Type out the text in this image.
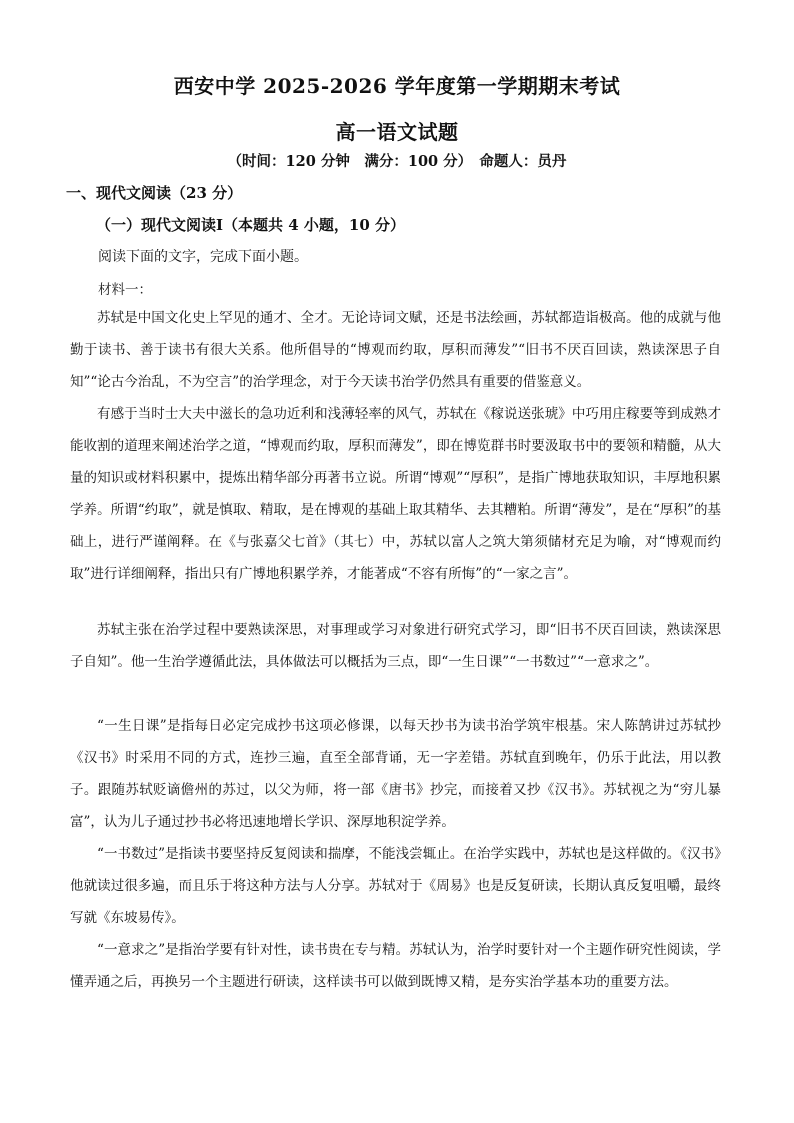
西安中学 2025-2026 学年度第一学期期末考试
高一语文试题
（时间：120 分钟　满分：100 分）　命题人：员丹
一、现代文阅读（23 分）
（一）现代文阅读Ⅰ（本题共 4 小题，10 分）
阅读下面的文字，完成下面小题。
材料一：

苏轼是中国文化史上罕见的通才、全才。无论诗词文赋，还是书法绘画，苏轼都造诣极高。他的成就与他勤于读书、善于读书有很大关系。他所倡导的“博观而约取，厚积而薄发”“旧书不厌百回读，熟读深思子自知”“论古今治乱，不为空言”的治学理念，对于今天读书治学仍然具有重要的借鉴意义。

有感于当时士大夫中滋长的急功近利和浅薄轻率的风气，苏轼在《稼说送张琥》中巧用庄稼要等到成熟才能收割的道理来阐述治学之道，“博观而约取，厚积而薄发”，即在博览群书时要汲取书中的要领和精髓，从大量的知识或材料积累中，提炼出精华部分再著书立说。所谓“博观”“厚积”，是指广博地获取知识，丰厚地积累学养。所谓“约取”，就是慎取、精取，是在博观的基础上取其精华、去其糟粕。所谓“薄发”，是在“厚积”的基础上，进行严谨阐释。在《与张嘉父七首》（其七）中，苏轼以富人之筑大第须储材充足为喻，对“博观而约取”进行详细阐释，指出只有广博地积累学养，才能著成“不容有所悔”的“一家之言”。

苏轼主张在治学过程中要熟读深思，对事理或学习对象进行研究式学习，即“旧书不厌百回读，熟读深思子自知”。他一生治学遵循此法，具体做法可以概括为三点，即“一生日课”“一书数过”“一意求之”。

“一生日课”是指每日必定完成抄书这项必修课，以每天抄书为读书治学筑牢根基。宋人陈鹄讲过苏轼抄《汉书》时采用不同的方式，连抄三遍，直至全部背诵，无一字差错。苏轼直到晚年，仍乐于此法，用以教子。跟随苏轼贬谪儋州的苏过，以父为师，将一部《唐书》抄完，而接着又抄《汉书》。苏轼视之为“穷儿暴富”，认为儿子通过抄书必将迅速地增长学识、深厚地积淀学养。

“一书数过”是指读书要坚持反复阅读和揣摩，不能浅尝辄止。在治学实践中，苏轼也是这样做的。《汉书》他就读过很多遍，而且乐于将这种方法与人分享。苏轼对于《周易》也是反复研读，长期认真反复咀嚼，最终写就《东坡易传》。

“一意求之”是指治学要有针对性，读书贵在专与精。苏轼认为，治学时要针对一个主题作研究性阅读，学懂弄通之后，再换另一个主题进行研读，这样读书可以做到既博又精，是夯实治学基本功的重要方法。
